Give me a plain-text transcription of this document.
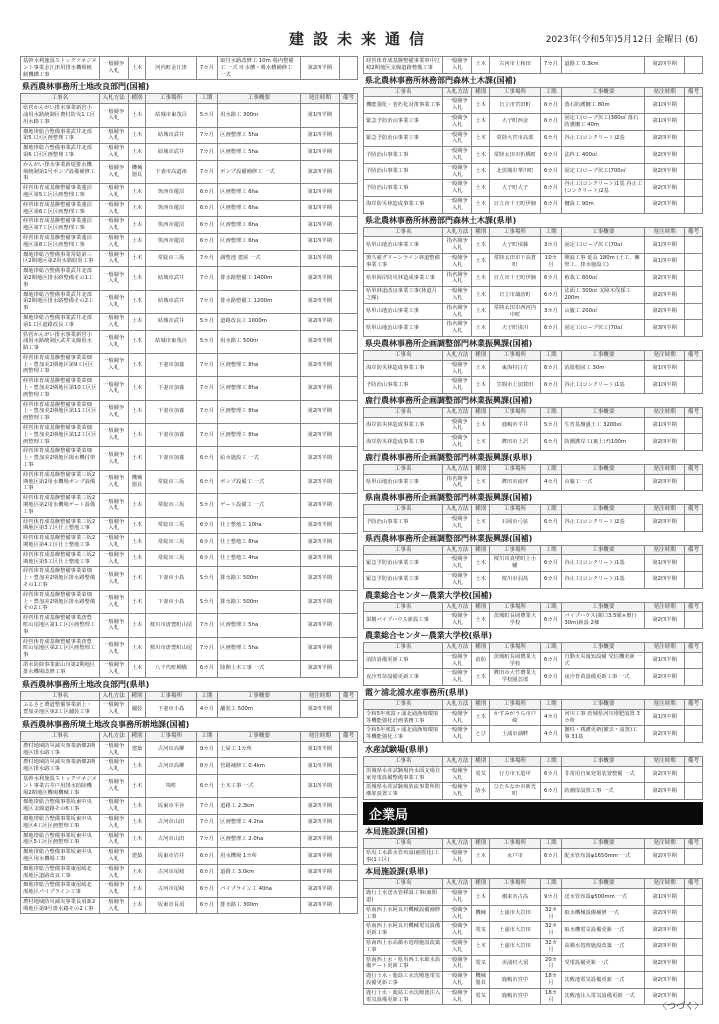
建設未来通信	2023年(令和5年)5月12日 金曜日 (6)
基幹水利施設ストックマネジメント事業金江津用排水機場統制機構工事	一般競争入札	土木	河内町金江津	7カ月	取付水路改修工 10m 場内整備工 一式 吐水槽・吸水槽補修工 一式	第2四半期	
県西農林事務所土地改良部門(国補)
工事名	入札方法	種別	工事場所	工期	工事概要	発注時期	備考
県営かんがい排水事業新宮小浦用水路統制区農村防災1工区用水路工事	一般競争入札	土木	結城市東茂呂	5カ月	用水路工 300m	第1四半期	
畑地帯総合整備事業武井北部第5工区区画整理工事	一般競争入札	土木	結城市武井	7カ月	区画整理工 5ha	第1四半期	
畑地帯総合整備事業武井北部第6工区区画整理工事	一般競争入札	土木	結城市武井	7カ月	区画整理工 5ha	第1四半期	
かんがい排水事業新堤排水機場統制第1号ポンプ設備補修工事	一般競争入札	機械器具	下妻市高道祖	7カ月	ポンプ設備補修工 一式	第2四半期	
経営体育成基盤整備事業蓮沼地区第5工区区画整理工事	一般競争入札	土木	筑西市蓮沼	6カ月	区画整理工 6ha	第1四半期	
経営体育成基盤整備事業蓮沼地区第6工区区画整理工事	一般競争入札	土木	筑西市蓮沼	6カ月	区画整理工 6ha	第1四半期	
経営体育成基盤整備事業蓮沼地区第7工区区画整理工事	一般競争入札	土木	筑西市蓮沼	6カ月	区画整理工 6ha	第1四半期	
経営体育成基盤整備事業蓮沼地区第8工区区画整理工事	一般競争入札	土木	筑西市蓮沼	6カ月	区画整理工 6ha	第1四半期	
畑地帯総合整備事業常総第三区2期地区第2用水路暗渠工事	一般競争入札	土木	常総市三坂	7カ月	調整池 建屋 一式	第1四半期	
畑地帯総合整備事業武井北部第2期地区排水路整備その1工事	一般競争入札	土木	結城市武井	7カ月	排水路整備工 1400m	第2四半期	
畑地帯総合整備事業武井北部第2期地区排水路整備その2工事	一般競争入札	土木	結城市武井	7カ月	排水路整備工 1200m	第2四半期	
畑地帯総合整備事業武井北部第1工区道路改良工事	一般競争入札	土木	結城市武井	5カ月	道路改良工 1000m	第2四半期	
県営かんがい排水事業新宮小浦用水路統制区武井支線用水路工事	一般競争入札	土木	結城市東茂呂	5カ月	用水路工 500m	第2四半期	
経営体育成基盤整備事業菜畑上・豊加美2期地区第9工区区画整理工事	一般競争入札	土木	下妻市加養	7カ月	区画整理工 8ha	第2四半期	
経営体育成基盤整備事業菜畑上・豊加美2期地区第10工区区画整理工事	一般競争入札	土木	下妻市加養	7カ月	区画整理工 8ha	第2四半期	
経営体育成基盤整備事業菜畑上・豊加美2期地区第11工区区画整理工事	一般競争入札	土木	下妻市加養	7カ月	区画整理工 8ha	第2四半期	
経営体育成基盤整備事業菜畑上・豊加美2期地区第12工区区画整理工事	一般競争入札	土木	下妻市加養	7カ月	区画整理工 8ha	第2四半期	
経営体育成基盤整備事業菜畑上・豊加美2期地区揚水機付帯工事	一般競争入札	土木	下妻市加養	6カ月	給水施設工 一式	第2四半期	
経営体育成基盤整備事業三坂2期地区第2用水機場ポンプ設備工事	一般競争入札	機械器具	常総市三坂	6カ月	ポンプ設備工 一式	第2四半期	
経営体育成基盤整備事業三坂2期地区第2用水機場ゲート設備工事	一般競争入札	土木	常総市三坂	5カ月	ゲート設備工 一式	第2四半期	
経営体育成基盤整備事業三坂2期地区第3工区仕上整地工事	一般競争入札	土木	常総市三坂	6カ月	仕上整地工 10ha	第2四半期	
経営体育成基盤整備事業三坂2期地区第4工区仕上整地工事	一般競争入札	土木	常総市三坂	6カ月	仕上整地工 8ha	第2四半期	
経営体育成基盤整備事業三坂2期地区第5工区仕上整地工事	一般競争入札	土木	常総市三坂	6カ月	仕上整地工 4ha	第2四半期	
経営体育成基盤整備事業菜畑上・豊加美2期地区排水路整備その1工事	一般競争入札	土木	下妻市小島	5カ月	排水路工 500m	第2四半期	
経営体育成基盤整備事業菜畑上・豊加美2期地区排水路整備その2工事	一般競争入札	土木	下妻市小島	5カ月	排水路工 500m	第2四半期	
経営体育成基盤整備事業唐豊町山尾地区第1工区区画整理工事	一般競争入札	土木	桜川市唐豊町山尾	7カ月	区画整理工 5ha	第2四半期	
経営体育成基盤整備事業唐豊町山尾地区第2工区区画整理工事	一般競争入札	土木	桜川市唐豊町山尾	7カ月	区画整理工 5ha	第2四半期	
湛水防除事業新山川第2期地区排水機場改修工事	一般競争入札	土木	八千代町柳橋	6カ月	陸開土木工事 一式	第2四半期	
県西農林事務所土地改良部門(県単)
工事名	入札方法	種別	工事場所	工期	工事概要	発注時期	備考
ふるさと農道整備事業新上・豊加美地区第2工区舗装工事	一般競争入札	舗装	下妻市小島	4カ月	舗装工 500m	第2四半期	
県西農林事務所境土地改良事務所耕地課(国補)
工事名	入札方法	種別	工事場所	工期	工事概要	発注時期	備考
農村地域防災減災事業新郷2期地区排水路工事	一般競争入札	建築	古河市高柳	9カ月	上屋工 1カ所	第1四半期	
農村地域防災減災事業新郷2期地区排水路工事	一般競争入札	土木	古河市高柳	8カ月	管路補修工 0.4km	第1四半期	
基幹水利施設ストックマネジメント事業古井戸用排水防除機場2期地区機場機械工事	一般競争入札	土木	境町	6カ月	土木工事 一式	第1四半期	
畑地帯総合整備事業坂東中央地区支線道路その6工事	一般競争入札	土木	坂東市平谷	7カ月	道路工 2.3km	第2四半期	
畑地帯総合整備事業坂東中央地区4工区区画整理工事	一般競争入札	土木	古河市山田	7カ月	区画整理工 4.2ha	第2四半期	
畑地帯総合整備事業坂東中央地区5工区区画整理工事	一般競争入札	土木	古河市山田	7カ月	区画整理工 2.0ha	第2四半期	
畑地帯総合整備事業坂東中央地区用水機場工事	一般競争入札	建築	坂東市岩井	6カ月	用水機場 1カ所	第2四半期	
畑地帯総合整備事業東尾崎北部地区道路改良工事	一般競争入札	土木	古河市尾崎	6カ月	道路工 3.0km	第2四半期	
畑地帯総合整備事業東尾崎北部地区パイプライン工事	一般競争入札	土木	古河市尾崎	6カ月	パイプライン工 40ha	第2四半期	
農村地域防災減災事業長須新2期地区第9号排水路その2工事	一般競争入札	土木	坂東市長須	6カ月	排水路工 300m	第2四半期	
経営体育成基盤整備事業車中江崎2期地区支線道路整備工事	一般競争入札	土木	古河市上和田	7カ月	道路工 0.3km	第2四半期	
県北農林事務所林務部門森林土木課(国補)
工事名	入札方法	種別	工事場所	工期	工事概要	発注時期	備考
機能強化・老朽化対策事業工事	一般競争入札	土木	日立市宮田町	6カ月	落石防護柵工 80m	第1四半期	
緊急予防治山事業工事	一般競争入札	土木	大子町西金	6カ月	固定工(ロープ伏工)380㎡ 落石防護柵工 40m	第1四半期	
緊急予防治山事業工事	一般競争入札	土木	常陸大宮市高部	6カ月	谷止工(コンクリート)2基	第2四半期	
予防治山事業工事	一般競争入札	土木	常陸太田市折橋町	6カ月	法枠工 400㎡	第2四半期	
予防治山事業工事	一般競争入札	土木	北茨城市華川町	6カ月	固定工(ロープ伏工)700㎡	第2四半期	
予防治山事業工事	一般競争入札	土木	大子町大子	6カ月	谷止工(コンクリート)1基 谷止工(コンクリート)2基	第2四半期	
海岸防災林造成事業工事	一般競争入札	土木	日立市十王町伊師	6カ月	柵設工 90m	第2四半期	
県北農林事務所林務部門森林土木課(県単)
工事名	入札方法	種別	工事場所	工期	工事概要	発注時期	備考
県単山地治山事業工事	指名競争入札	土木	大子町頃藤	3カ月	固定工(ロープ伏工)70㎡	第1四半期	
奥久慈グリーンライン林道整備事業工事	一般競争入札	土木	常陸太田市下高倉町	10カ月	開設工事 延長 180m (土工、擁壁工、排水施設工)	第1四半期	
県単海岸防災林造成事業工事	指名競争入札	土木	日立市十王町伊師	6カ月	植栽工 800㎡	第2四半期	
県単林道改良事業工事(林道月之線)	一般競争入札	土木	日立市諏訪町	6カ月	法面工 300㎡ 支障木伐採工 200m	第2四半期	
県単山地治山事業工事	指名競争入札	土木	常陸太田市西河内中町	3カ月	山腹工 200㎡	第2四半期	
県単山地治山事業工事	指名競争入札	土木	大子町浅川	6カ月	固定工(ロープ伏工)70㎡	第3四半期	
県央農林事務所企画調整部門林業振興課(国補)
工事名	入札方法	種別	工事場所	工期	工事概要	発注時期	備考
海岸防災林造成事業工事	一般競争入札	土木	東海村白方	6カ月	消波根固工 30m	第1四半期	
予防治山事業工事	一般競争入札	土木	笠間市上加賀田	6カ月	谷止工(コンクリート)1基	第1四半期	
鹿行農林事務所企画調整部門林業振興課(国補)
工事名	入札方法	種別	工事場所	工期	工事概要	発注時期	備考
海岸防災林造成事業工事	一般競争入札	土木	鹿嶋市平井	5カ月	生育基盤盛土工 3200㎡	第1四半期	
海岸防災林造成事業工事	一般競争入札	土木	鉾田市上沢	6カ月	防潮護岸工(裏上げ)100m	第2四半期	
鹿行農林事務所企画調整部門林業振興課(県単)
工事名	入札方法	種別	工事場所	工期	工事概要	発注時期	備考
県単山地治山事業工事	指名競争入札	土木	鉾田市滝坪	4カ月	山腹工 一式	第2四半期	
県南農林事務所企画調整部門林業振興課(国補)
工事名	入札方法	種別	工事場所	工期	工事概要	発注時期	備考
予防治山事業工事	一般競争入札	土木	石岡市弓弦	6カ月	谷止工(コンクリート)2基	第2四半期	
県西農林事務所企画調整部門林業振興課(国補)
工事名	入札方法	種別	工事場所	工期	工事概要	発注時期	備考
緊急予防治山事業工事	一般競争入札	土木	桜川市真壁町上小幡	6カ月	谷止工(コンクリート)1基	第1四半期	
緊急予防治山事業工事	一般競争入札	土木	桜川市羽鳥	6カ月	谷止工(コンクリート)1基	第2四半期	
農業総合センター農業大学校(国補)
工事名	入札方法	種別	工事場所	工期	工事概要	発注時期	備考
果樹パイプハウス新設工事	一般競争入札	土木	茨城町長岡農業大学校	6カ月	パイプハウス(間口3.5間×奥行30m)新設 2棟	第2四半期	
農業総合センター農業大学校(県単)
工事名	入札方法	種別	工事場所	工期	工事概要	発注時期	備考
消防設備更新工事	一般競争入札	消防	茨城町長岡農業大学校	6カ月	自動火災報知設備 受信機更新 一式	第1四半期	
夜冷育苗設備更新工事	一般競争入札	土木	鉾田市大竹農業大学校園芸部	6カ月	夜冷育苗設備更新工事 一式	第2四半期	
霞ケ浦北浦水産事務所(県単)
工事名	入札方法	種別	工事場所	工期	工事概要	発注時期	備考
令和5年度霞ヶ浦北浦漁場環境等機能強化計画業務工事	一般競争入札	土木	かすみがうら市戸崎	4カ月	河川工事 茨城県河川堆肥設置 3カ所	第1四半期	
令和5年度霞ヶ浦北浦漁場環境等機能強化工事	一般競争入札	とび	土浦市湖畔	4カ月	撤柱・桟護更新(撤去・設置)工事 31基	第2四半期	
水産試験場(県単)
工事名	入札方法	種別	工事場所	工期	工事概要	発注時期	備考
茨城県水産試験場内水面支場自家発電設備整備事業工事	一般競争入札	電気	行方市玉造甲	6カ月	非常用自家発電装置整備 一式	第2四半期	
茨城県水産試験場放流事業所防潮扉設置工事	一般競争入札	防水	ひたちなか市新光町	6カ月	防潮扉設置工事 一式	第2四半期	
企業局
本局施設課(国補)
工事名	入札方法	種別	工事場所	工期	工事概要	発注時期	備考
県央工水鉄水管布設(耐震化)工事(1工区)	一般競争入札	土木	水戸市	6カ月	配水管布設φ1650mm 一式	第2四半期	
本局施設課(県単)
工事名	入札方法	種別	工事場所	工期	工事概要	発注時期	備考
鹿行上水送水管移設工事(東関道)	一般競争入札	土木	潮来市古高	9カ月	送水管布設φ500mm 一式	第1四半期	
県南西上水阿良川機械設備補修工事	一般競争入札	機械	土浦市大岩田	32カ月	取水機械設備補修 一式	第2四半期	
県南西上水阿良川機械電気設備更新工事	一般競争入札	電気	土浦市大岩田	32カ月	取水機電気設備更新 一式	第2四半期	
県南西上水高濁水処理施設改築工事	一般競争入札	土木	土浦市大岩田	32カ月	高濁水処理施設改築 一式	第2四半期	
県南西上水・県央西工水取水設備ゲート更新工事	一般競争入札	電気	美浦村大須	20カ月	受電設備更新 一式	第2四半期	
鹿行上水・鹿島工水沈殿池電気設備更新工事	一般競争入札	機械器具	鹿嶋市宮中	18カ月	沈殿池電気設備更新 一式	第2四半期	
鹿行上水・鹿島工水沈殿池注入電気設備更新工事	一般競争入札	電気	鹿嶋市宮中	18カ月	沈殿池注入電気設備更新 一式	第2四半期	
〈つづく〉
